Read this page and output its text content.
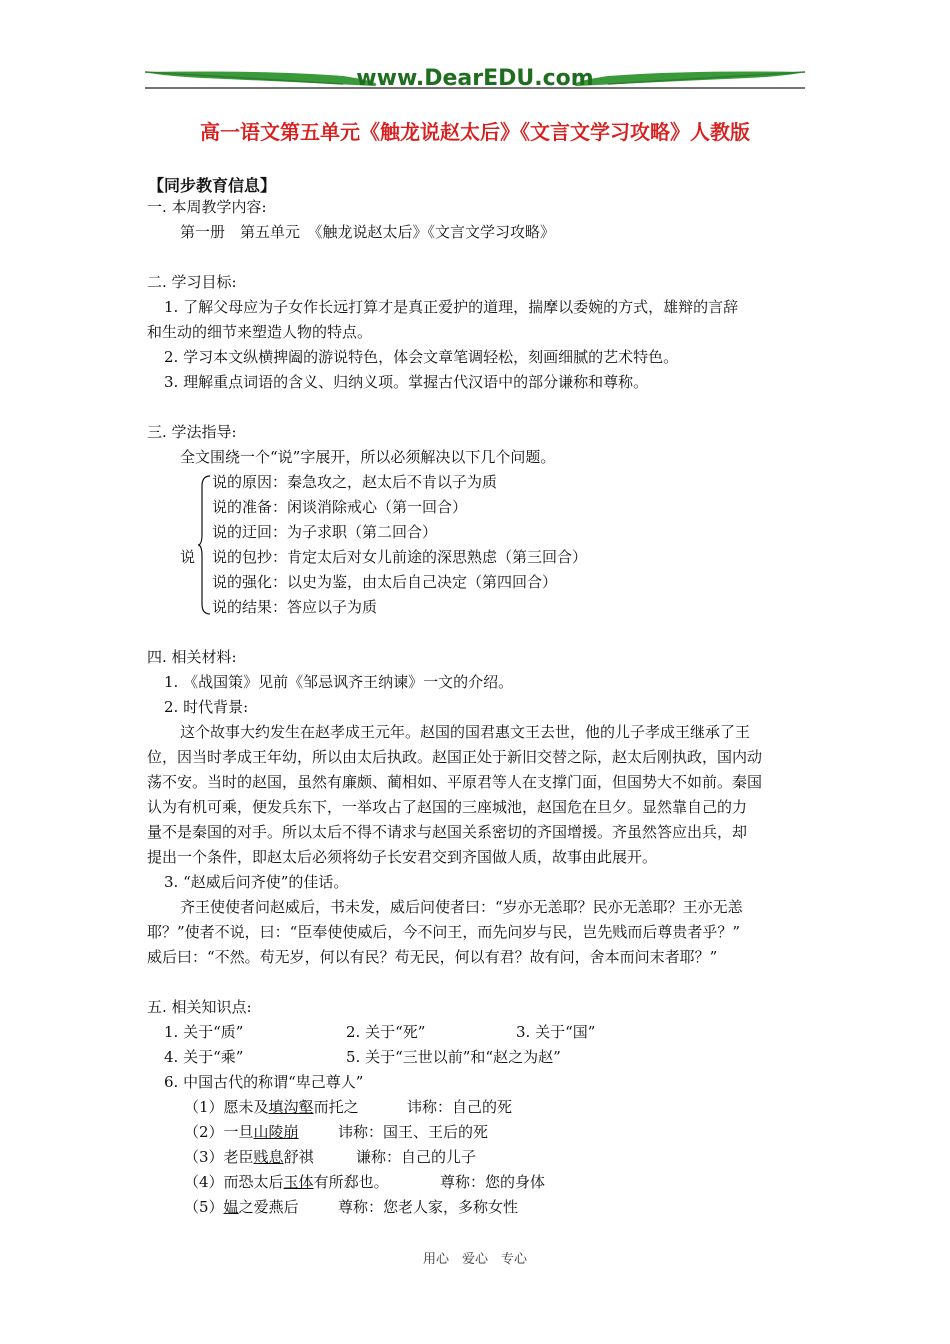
www.DearEDU.com
高一语文第五单元《触龙说赵太后》《文言文学习攻略》人教版
【同步教育信息】
一. 本周教学内容:
第一册　第五单元　《触龙说赵太后》《文言文学习攻略》
二. 学习目标:
1. 了解父母应为子女作长远打算才是真正爱护的道理，揣摩以委婉的方式，雄辩的言辞
和生动的细节来塑造人物的特点。
2. 学习本文纵横捭阖的游说特色，体会文章笔调轻松，刻画细腻的艺术特色。
3. 理解重点词语的含义、归纳义项。掌握古代汉语中的部分谦称和尊称。
三. 学法指导:
全文围绕一个“说”字展开，所以必须解决以下几个问题。
说
说的原因：秦急攻之，赵太后不肯以子为质
说的准备：闲谈消除戒心（第一回合）
说的迂回：为子求职（第二回合）
说的包抄：肯定太后对女儿前途的深思熟虑（第三回合）
说的强化：以史为鉴，由太后自己决定（第四回合）
说的结果：答应以子为质
四. 相关材料:
1. 《战国策》见前《邹忌讽齐王纳谏》一文的介绍。
2. 时代背景:
这个故事大约发生在赵孝成王元年。赵国的国君惠文王去世，他的儿子孝成王继承了王
位，因当时孝成王年幼，所以由太后执政。赵国正处于新旧交替之际，赵太后刚执政，国内动
荡不安。当时的赵国，虽然有廉颇、蔺相如、平原君等人在支撑门面，但国势大不如前。秦国
认为有机可乘，便发兵东下，一举攻占了赵国的三座城池，赵国危在旦夕。显然靠自己的力
量不是秦国的对手。所以太后不得不请求与赵国关系密切的齐国增援。齐虽然答应出兵，却
提出一个条件，即赵太后必须将幼子长安君交到齐国做人质，故事由此展开。
3. “赵威后问齐使”的佳话。
齐王使使者问赵威后，书未发，威后问使者曰：“岁亦无恙耶？民亦无恙耶？王亦无恙
耶？”使者不说，曰：“臣奉使使威后，今不问王，而先问岁与民，岂先贱而后尊贵者乎？”
威后曰：“不然。苟无岁，何以有民？苟无民，何以有君？故有问，舍本而问末者耶？”
五. 相关知识点:
1. 关于“质”	2. 关于“死”	3. 关于“国”
4. 关于“乘”	5. 关于“三世以前”和“赵之为赵”
6. 中国古代的称谓“卑己尊人”
（1）愿未及填沟壑而托之	讳称：自己的死
（2）一旦山陵崩	讳称：国王、王后的死
（3）老臣贱息舒祺	谦称：自己的儿子
（4）而恐太后玉体有所郄也。	尊称：您的身体
（5）媪之爱燕后	尊称：您老人家，多称女性
用心　爱心　专心
